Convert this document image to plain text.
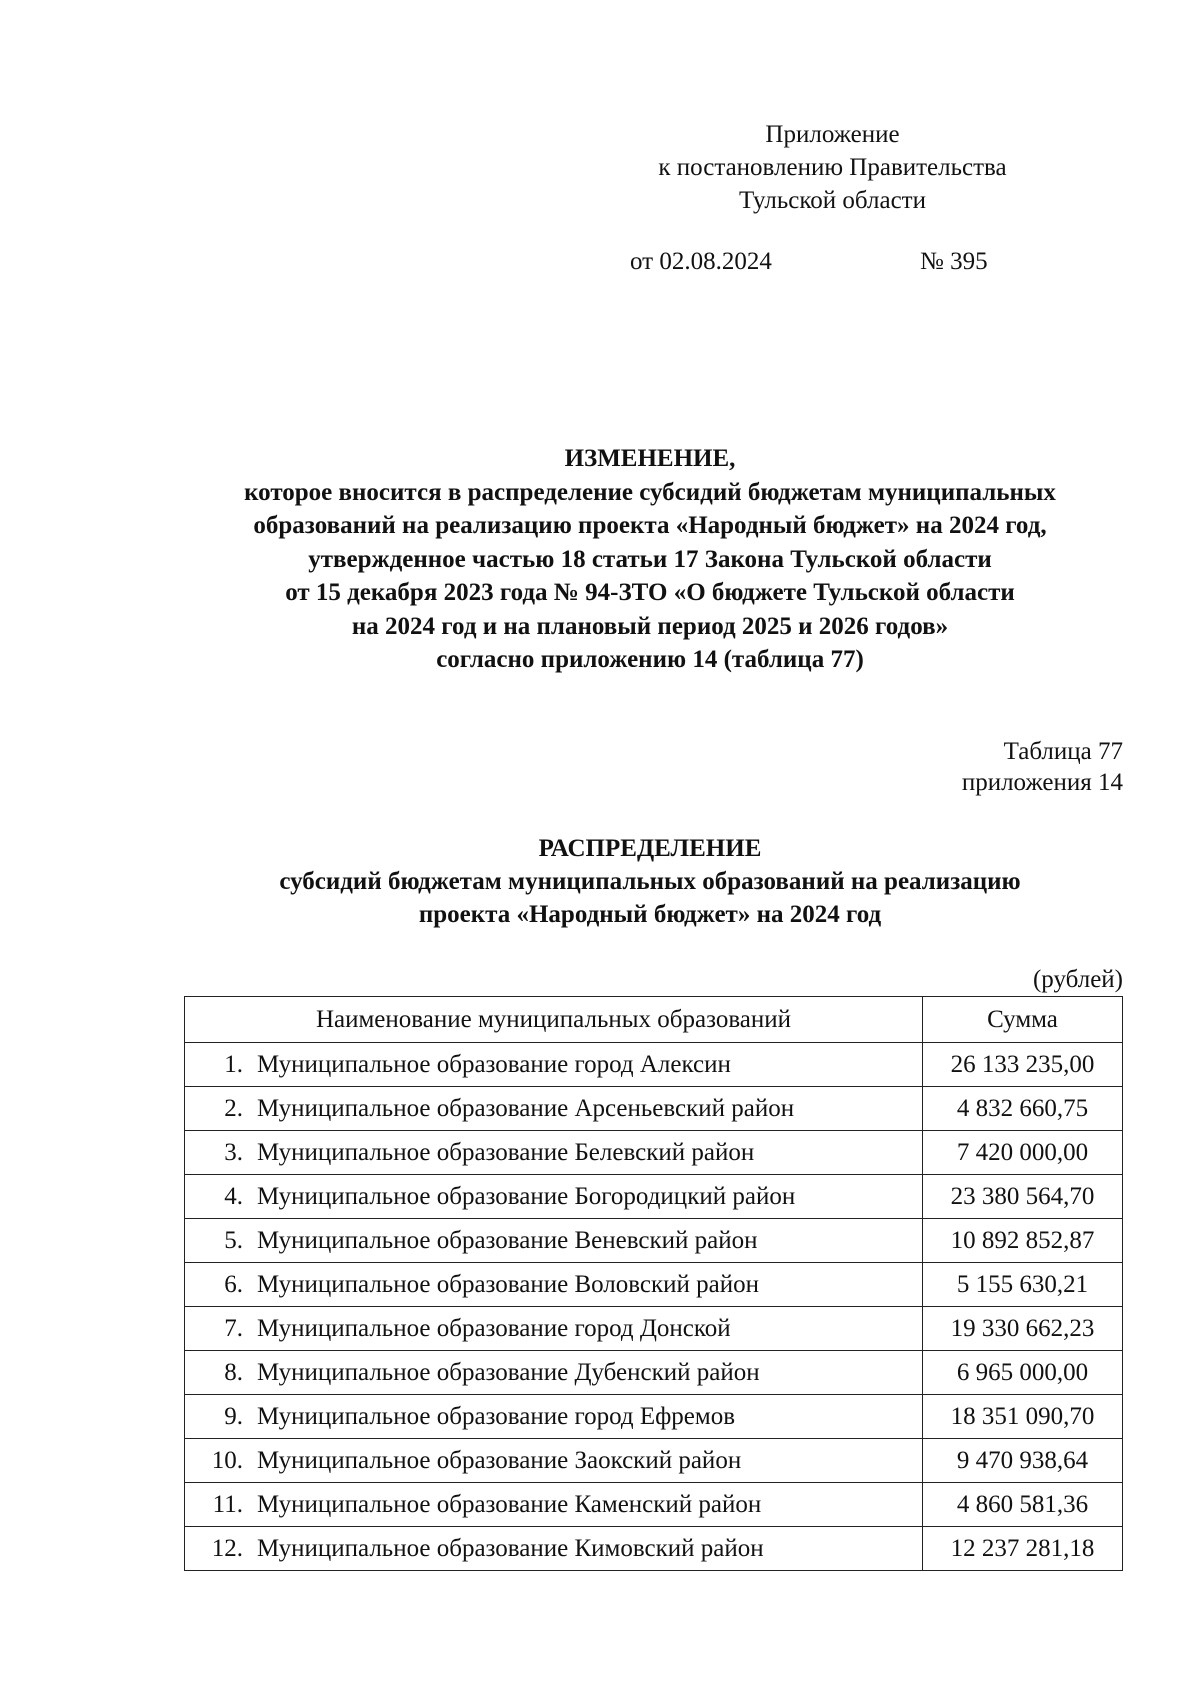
Приложение
к постановлению Правительства
Тульской области
от 02.08.2024	№ 395
ИЗМЕНЕНИЕ,
которое вносится в распределение субсидий бюджетам муниципальных
образований на реализацию проекта «Народный бюджет» на 2024 год,
утвержденное частью 18 статьи 17 Закона Тульской области
от 15 декабря 2023 года № 94-ЗТО «О бюджете Тульской области
на 2024 год и на плановый период 2025 и 2026 годов»
согласно приложению 14 (таблица 77)
Таблица 77
приложения 14
РАСПРЕДЕЛЕНИЕ
субсидий бюджетам муниципальных образований на реализацию
проекта «Народный бюджет» на 2024 год
(рублей)
Наименование муниципальных образований	Сумма
1. Муниципальное образование город Алексин	26 133 235,00
2. Муниципальное образование Арсеньевский район	4 832 660,75
3. Муниципальное образование Белевский район	7 420 000,00
4. Муниципальное образование Богородицкий район	23 380 564,70
5. Муниципальное образование Веневский район	10 892 852,87
6. Муниципальное образование Воловский район	5 155 630,21
7. Муниципальное образование город Донской	19 330 662,23
8. Муниципальное образование Дубенский район	6 965 000,00
9. Муниципальное образование город Ефремов	18 351 090,70
10. Муниципальное образование Заокский район	9 470 938,64
11. Муниципальное образование Каменский район	4 860 581,36
12. Муниципальное образование Кимовский район	12 237 281,18
